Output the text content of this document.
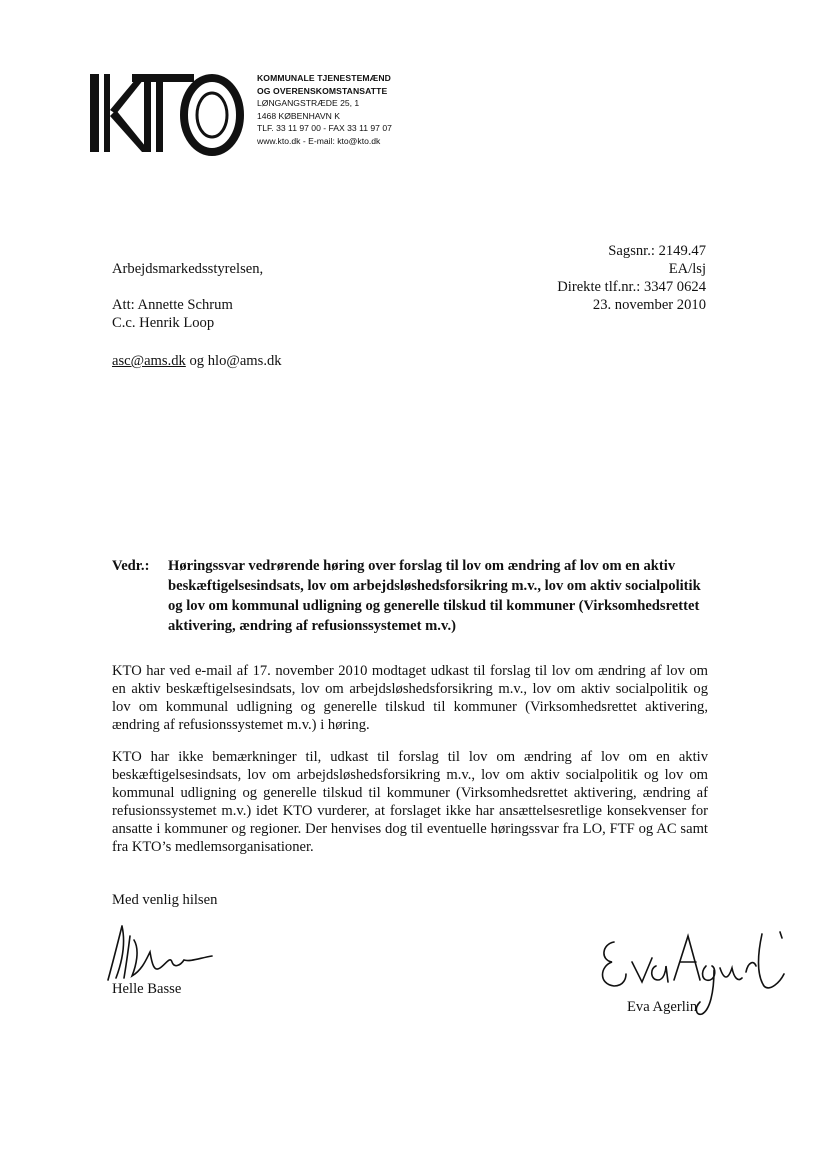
KOMMUNALE TJENESTEMÆND
OG OVERENSKOMSTANSATTE
LØNGANGSTRÆDE 25, 1
1468 KØBENHAVN K
TLF. 33 11 97 00 - FAX 33 11 97 07
www.kto.dk - E-mail: kto@kto.dk
Sagsnr.: 2149.47
EA/lsj
Direkte tlf.nr.: 3347 0624
23. november 2010
Arbejdsmarkedsstyrelsen,
Att: Annette Schrum
C.c. Henrik Loop
asc@ams.dk og hlo@ams.dk
Vedr.: Høringssvar vedrørende høring over forslag til lov om ændring af lov om en aktiv beskæftigelsesindsats, lov om arbejdsløshedsforsikring m.v., lov om aktiv socialpolitik og lov om kommunal udligning og generelle tilskud til kommuner (Virksomhedsrettet aktivering, ændring af refusionssystemet m.v.)
KTO har ved e-mail af 17. november 2010 modtaget udkast til forslag til lov om ændring af lov om en aktiv beskæftigelsesindsats, lov om arbejdsløshedsforsikring m.v., lov om aktiv socialpolitik og lov om kommunal udligning og generelle tilskud til kommuner (Virksomhedsrettet aktivering, ændring af refusionssystemet m.v.) i høring.
KTO har ikke bemærkninger til, udkast til forslag til lov om ændring af lov om en aktiv beskæftigelsesindsats, lov om arbejdsløshedsforsikring m.v., lov om aktiv socialpolitik og lov om kommunal udligning og generelle tilskud til kommuner (Virksomhedsrettet aktivering, ændring af refusionssystemet m.v.) idet KTO vurderer, at forslaget ikke har ansættelsesretlige konsekvenser for ansatte i kommuner og regioner. Der henvises dog til eventuelle høringssvar fra LO, FTF og AC samt fra KTO’s medlemsorganisationer.
Med venlig hilsen
Helle Basse
Eva Agerlin
